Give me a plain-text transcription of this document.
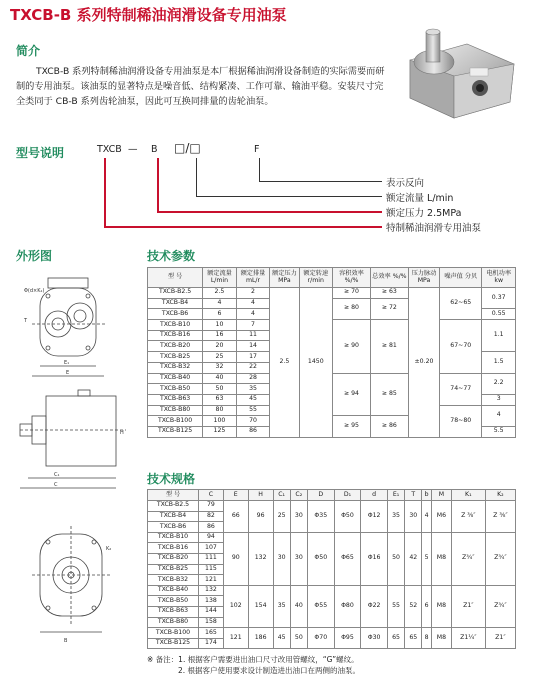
TXCB-B 系列特制稀油润滑设备专用油泵
简介
TXCB-B 系列特制稀油润滑设备专用油泵是本厂根据稀油润滑设备制造的实际需要而研制的专用油泵。该油泵的显著特点是噪音低、结构紧凑、工作可靠、输油平稳。安装尺寸完全类同于 CB-B 系列齿轮油泵，因此可互换同排量的齿轮油泵。
型号说明	TXCB — B □/□	F
表示反向
额定流量 L/min
额定压力 2.5MPa
特制稀油润滑专用油泵
外形图
Φ(d×K₁)
T
E₁
E
C₁
C
H
B
K₂
技术参数
型 号	额定流量 L/min	额定排量 mL/r	额定压力 MPa	额定转速 r/min	容积效率 %/%	总效率 %/%	压力脉动 MPa	噪声值 分贝	电机功率 kw
TXCB-B2.5	2.5	2	2.5	1450	≥ 70	≥ 63	±0.20	62~65	0.37
TXCB-B4	4	4			≥ 80	≥ 72			
TXCB-B6	6	4							0.55
TXCB-B10	10	7			≥ 90	≥ 81		67~70	1.1
TXCB-B16	16	11							
TXCB-B20	20	14							
TXCB-B25	25	17							1.5
TXCB-B32	32	22							
TXCB-B40	40	28			≥ 94	≥ 85		74~77	2.2
TXCB-B50	50	35							
TXCB-B63	63	45							3
TXCB-B80	80	55						78~80	4
TXCB-B100	100	70			≥ 95	≥ 86			
TXCB-B125	125	86							5.5
技术规格
型 号	C	E	H	C₁	C₂	D	D₁	d	E₁	T	b	M	K₁	K₂
TXCB-B2.5	79	66	96	25	30	Φ35	Φ50	Φ12	35	30	4	M6	Z ⅜″	Z ⅜″
TXCB-B4	82													
TXCB-B6	86													
TXCB-B10	94	90	132	30	30	Φ50	Φ65	Φ16	50	42	5	M8	Z¾″	Z¾″
TXCB-B16	107													
TXCB-B20	111													
TXCB-B25	115													
TXCB-B32	121													
TXCB-B40	132	102	154	35	40	Φ55	Φ80	Φ22	55	52	6	M8	Z1″	Z¾″
TXCB-B50	138													
TXCB-B63	144													
TXCB-B80	158													
TXCB-B100	165	121	186	45	50	Φ70	Φ95	Φ30	65	65	8	M8	Z1¼″	Z1″
TXCB-B125	174													
※ 备注：1. 根据客户需要进出油口尺寸改用管螺纹，“G”螺纹。
2. 根据客户使用要求设计制造进出油口在两侧的油泵。
